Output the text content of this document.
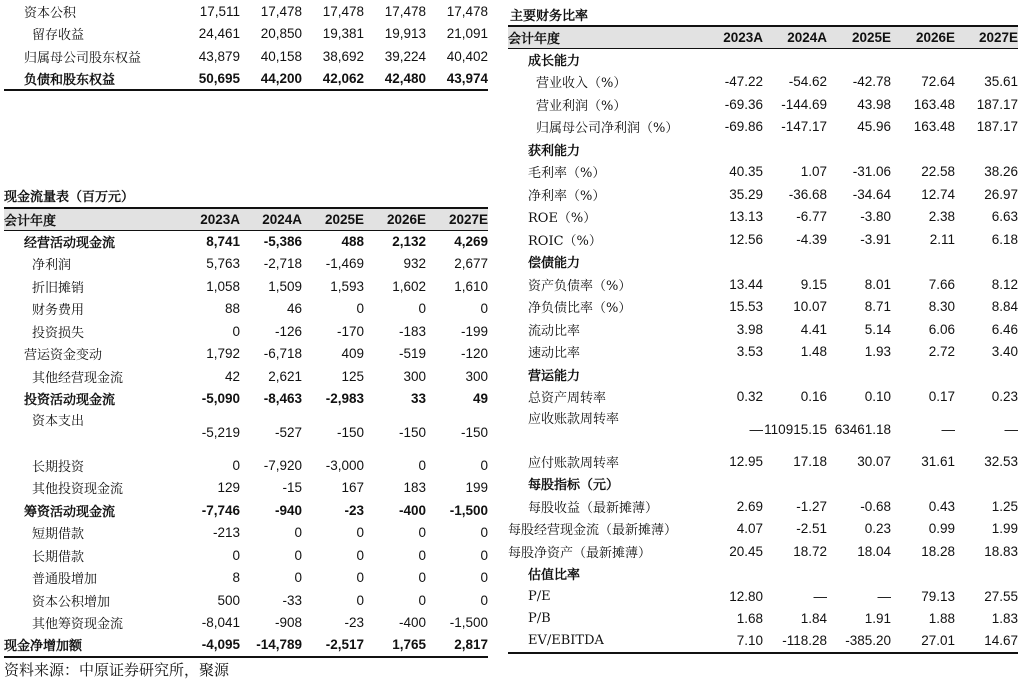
资本公积	17,511	17,478	17,478	17,478	17,478
留存收益	24,461	20,850	19,381	19,913	21,091
归属母公司股东权益	43,879	40,158	38,692	39,224	40,402
负债和股东权益	50,695	44,200	42,062	42,480	43,974
现金流量表（百万元）
会计年度	2023A	2024A	2025E	2026E	2027E
经营活动现金流	8,741	-5,386	488	2,132	4,269
净利润	5,763	-2,718	-1,469	932	2,677
折旧摊销	1,058	1,509	1,593	1,602	1,610
财务费用	88	46	0	0	0
投资损失	0	-126	-170	-183	-199
营运资金变动	1,792	-6,718	409	-519	-120
其他经营现金流	42	2,621	125	300	300
投资活动现金流	-5,090	-8,463	-2,983	33	49
资本支出	-5,219	-527	-150	-150	-150
长期投资	0	-7,920	-3,000	0	0
其他投资现金流	129	-15	167	183	199
筹资活动现金流	-7,746	-940	-23	-400	-1,500
短期借款	-213	0	0	0	0
长期借款	0	0	0	0	0
普通股增加	8	0	0	0	0
资本公积增加	500	-33	0	0	0
其他筹资现金流	-8,041	-908	-23	-400	-1,500
现金净增加额	-4,095	-14,789	-2,517	1,765	2,817
主要财务比率
会计年度	2023A	2024A	2025E	2026E	2027E
成长能力					
营业收入（%）	-47.22	-54.62	-42.78	72.64	35.61
营业利润（%）	-69.36	-144.69	43.98	163.48	187.17
归属母公司净利润（%）	-69.86	-147.17	45.96	163.48	187.17
获利能力					
毛利率（%）	40.35	1.07	-31.06	22.58	38.26
净利率（%）	35.29	-36.68	-34.64	12.74	26.97
ROE（%）	13.13	-6.77	-3.80	2.38	6.63
ROIC（%）	12.56	-4.39	-3.91	2.11	6.18
偿债能力					
资产负债率（%）	13.44	9.15	8.01	7.66	8.12
净负债比率（%）	15.53	10.07	8.71	8.30	8.84
流动比率	3.98	4.41	5.14	6.06	6.46
速动比率	3.53	1.48	1.93	2.72	3.40
营运能力					
总资产周转率	0.32	0.16	0.10	0.17	0.23
应收账款周转率	—	110915.15	63461.18	—	—
应付账款周转率	12.95	17.18	30.07	31.61	32.53
每股指标（元）					
每股收益（最新摊薄）	2.69	-1.27	-0.68	0.43	1.25
每股经营现金流（最新摊薄）	4.07	-2.51	0.23	0.99	1.99
每股净资产（最新摊薄）	20.45	18.72	18.04	18.28	18.83
估值比率					
P/E	12.80	—	—	79.13	27.55
P/B	1.68	1.84	1.91	1.88	1.83
EV/EBITDA	7.10	-118.28	-385.20	27.01	14.67
资料来源：中原证券研究所，聚源
